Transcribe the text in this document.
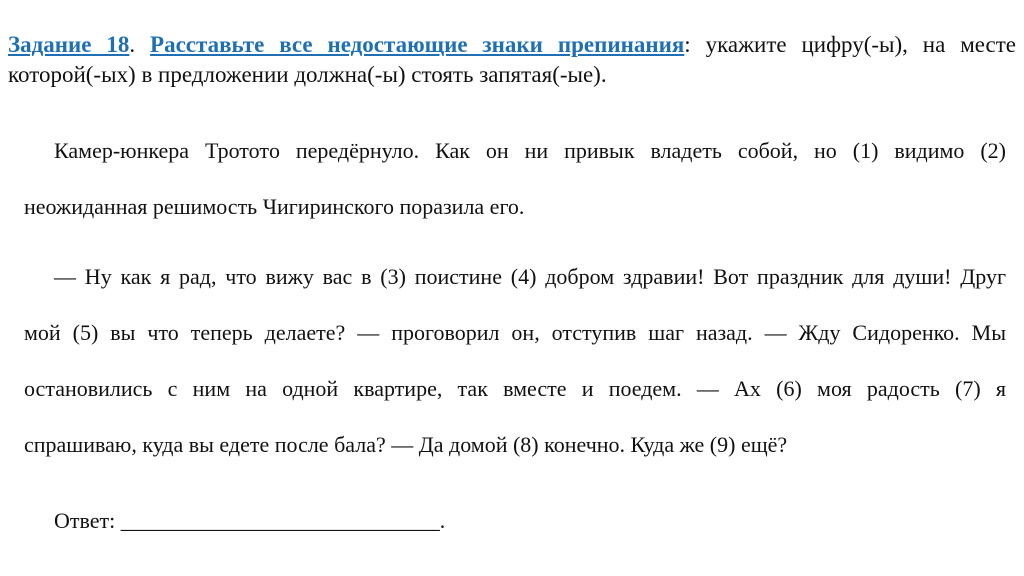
Задание 18. Расставьте все недостающие знаки препинания: укажите цифру(-ы), на месте которой(-ых) в предложении должна(-ы) стоять запятая(-ые).

Камер-юнкера Трототo передёрнуло. Как он ни привык владеть собой, но (1) видимо (2)

неожиданная решимость Чигиринского поразила его.

— Ну как я рад, что вижу вас в (3) поистине (4) добром здравии! Вот праздник для души! Друг

мой (5) вы что теперь делаете? — проговорил он, отступив шаг назад. — Жду Сидоренко. Мы

остановились с ним на одной квартире, так вместе и поедем. — Ах (6) моя радость (7) я

спрашиваю, куда вы едете после бала? — Да домой (8) конечно. Куда же (9) ещё?

Ответ: _____________________________.
